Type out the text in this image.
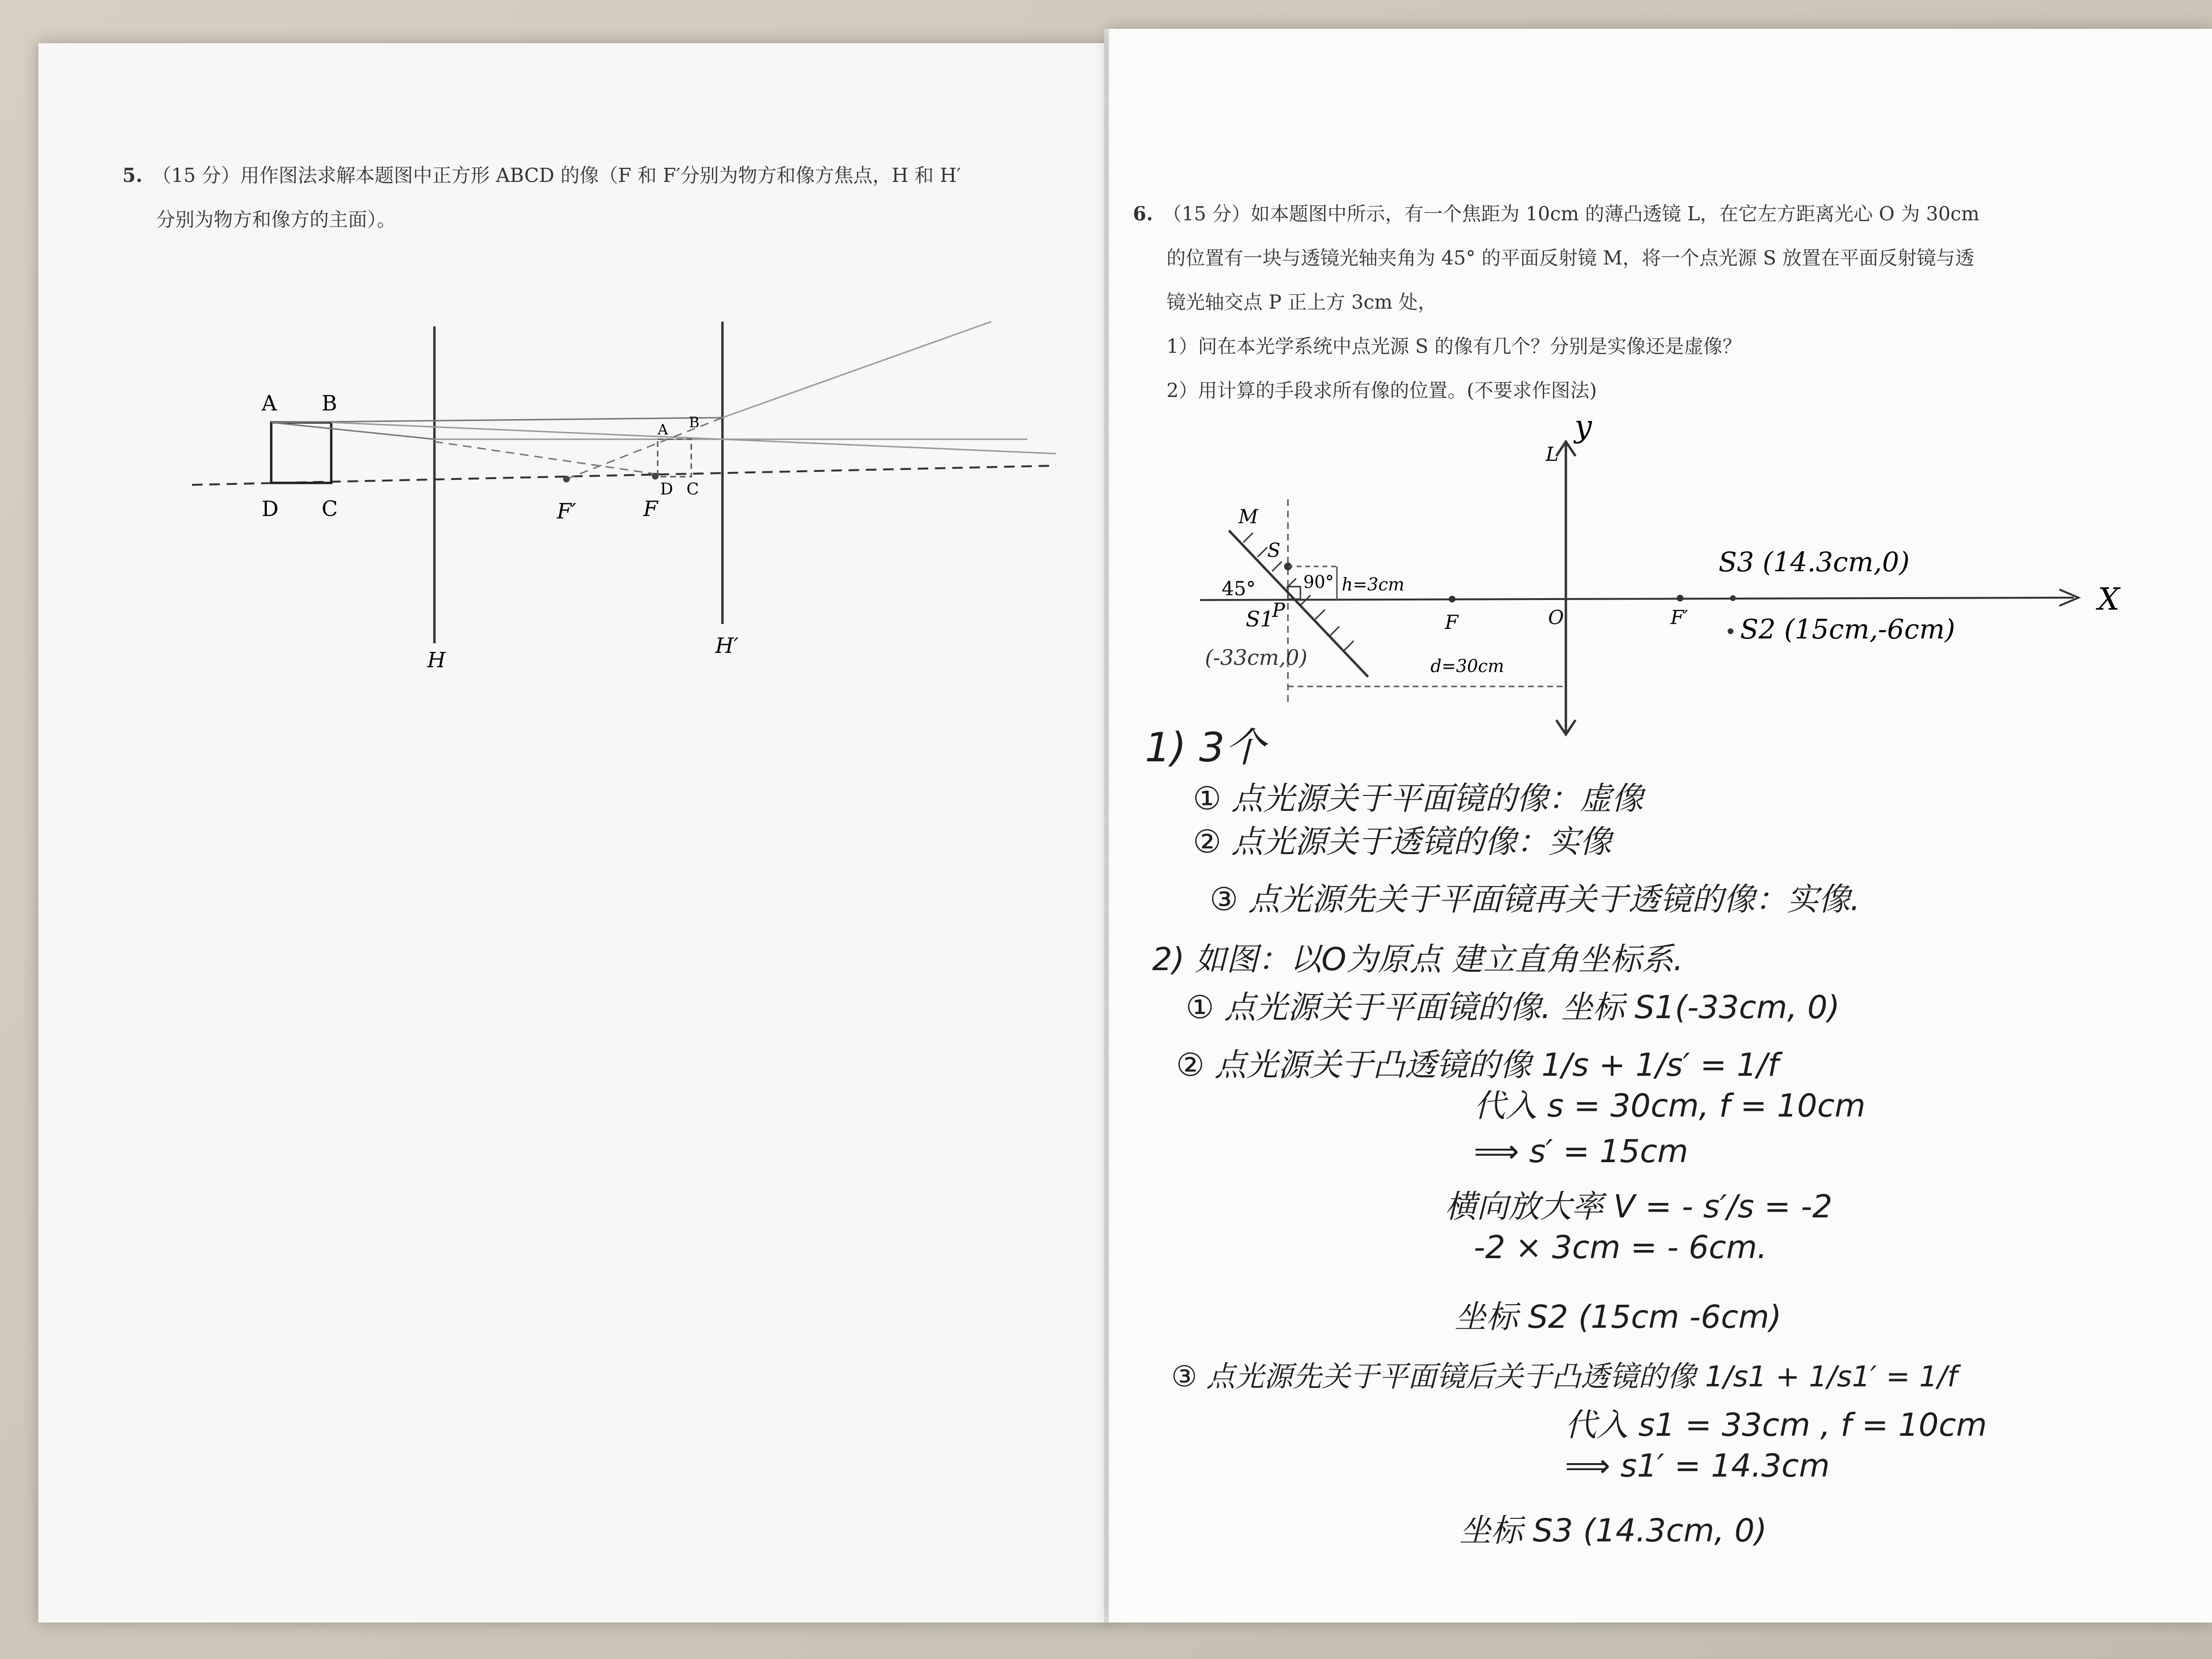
5. （15 分）用作图法求解本题图中正方形 ABCD 的像（F 和 F′分别为物方和像方焦点，H 和 H′
分别为物方和像方的主面）。
A B
D C	F′	F
A B
D C
H
H′
6. （15 分）如本题图中所示，有一个焦距为 10cm 的薄凸透镜 L，在它左方距离光心 O 为 30cm
的位置有一块与透镜光轴夹角为 45° 的平面反射镜 M，将一个点光源 S 放置在平面反射镜与透
镜光轴交点 P 正上方 3cm 处，
1）问在本光学系统中点光源 S 的像有几个？分别是实像还是虚像？
2）用计算的手段求所有像的位置。(不要求作图法)
M
S
90° h=3cm
45°
P
S1
(-33cm,0)
F	O	F′
L
y
X
d=30cm
S3 (14.3cm,0)
S2 (15cm,-6cm)
1) 3个
① 点光源关于平面镜的像：虚像
② 点光源关于透镜的像：实像
③ 点光源先关于平面镜再关于透镜的像：实像.
2) 如图：以O为原点 建立直角坐标系.
① 点光源关于平面镜的像. 坐标 S1(-33cm, 0)
② 点光源关于凸透镜的像 1/s + 1/s′ = 1/f
代入 s = 30cm, f = 10cm
⟹ s′ = 15cm
横向放大率 V = - s′/s = -2
-2 × 3cm = - 6cm.
坐标 S2 (15cm -6cm)
③ 点光源先关于平面镜后关于凸透镜的像 1/s1 + 1/s1′ = 1/f
代入 s1 = 33cm , f = 10cm
⟹ s1′ = 14.3cm
坐标 S3 (14.3cm, 0)
